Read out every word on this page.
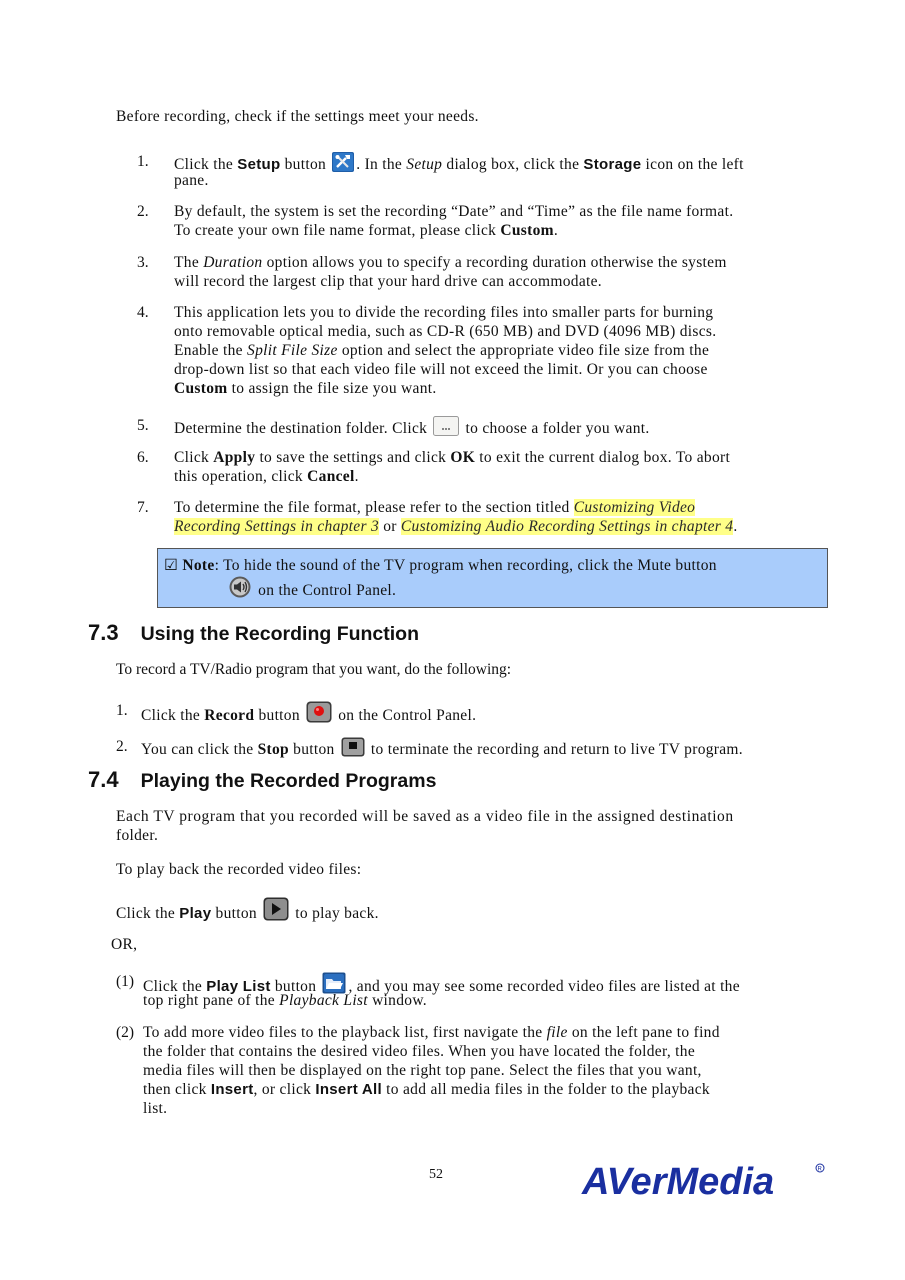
Before recording, check if the settings meet your needs.
1. Click the Setup button . In the Setup dialog box, click the Storage icon on the left
pane.
2. By default, the system is set the recording “Date” and “Time” as the file name format.
To create your own file name format, please click Custom.
3. The Duration option allows you to specify a recording duration otherwise the system
will record the largest clip that your hard drive can accommodate.
4. This application lets you to divide the recording files into smaller parts for burning
onto removable optical media, such as CD-R (650 MB) and DVD (4096 MB) discs.
Enable the Split File Size option and select the appropriate video file size from the
drop-down list so that each video file will not exceed the limit. Or you can choose
Custom to assign the file size you want.
5. Determine the destination folder. Click  to choose a folder you want.
6. Click Apply to save the settings and click OK to exit the current dialog box. To abort
this operation, click Cancel.
7. To determine the file format, please refer to the section titled Customizing Video
Recording Settings in chapter 3 or Customizing Audio Recording Settings in chapter 4.
☑ Note: To hide the sound of the TV program when recording, click the Mute button
on the Control Panel.
7.3 Using the Recording Function
To record a TV/Radio program that you want, do the following:
1. Click the Record button  on the Control Panel.
2. You can click the Stop button  to terminate the recording and return to live TV program.
7.4 Playing the Recorded Programs
Each TV program that you recorded will be saved as a video file in the assigned destination
folder.
To play back the recorded video files:
Click the Play button  to play back.
OR,
(1) Click the Play List button , and you may see some recorded video files are listed at the
top right pane of the Playback List window.
(2) To add more video files to the playback list, first navigate the file on the left pane to find
the folder that contains the desired video files. When you have located the folder, the
media files will then be displayed on the right top pane. Select the files that you want,
then click Insert, or click Insert All to add all media files in the folder to the playback
list.
52	AVerMedia	R
